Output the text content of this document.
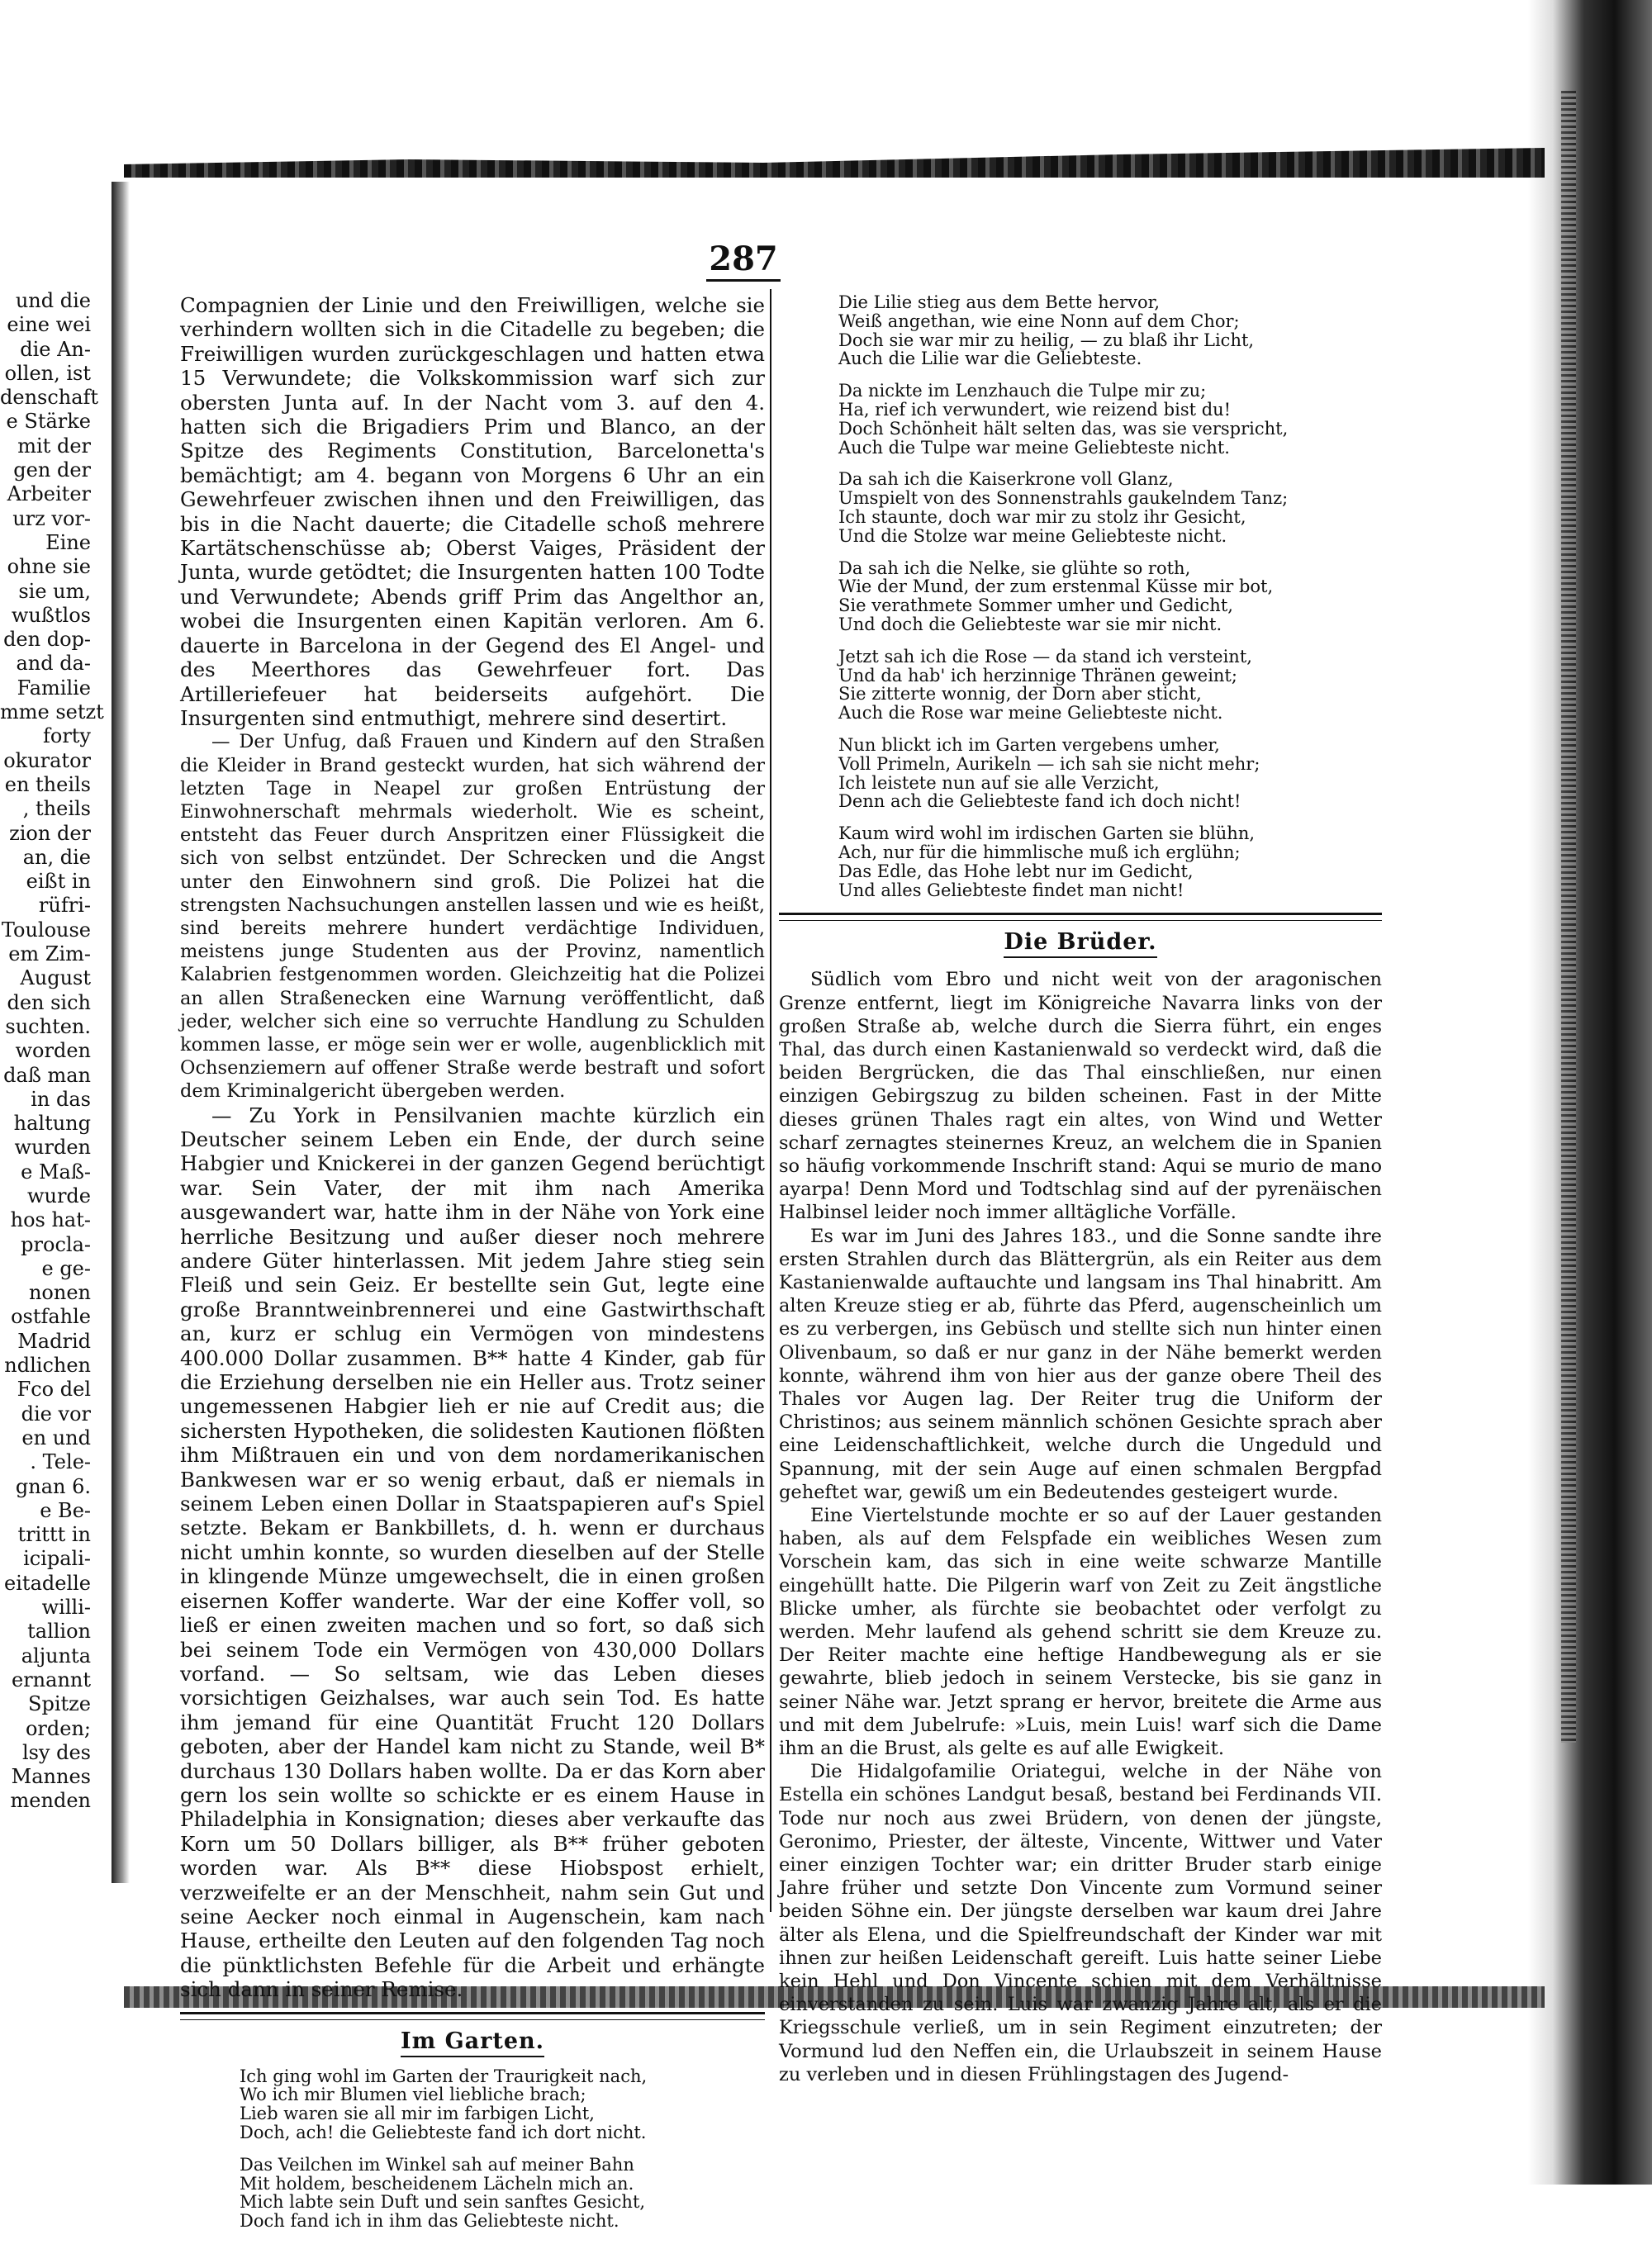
und die
eine wei
die An-
ollen, ist
denschaft
e Stärke
mit der
gen der
Arbeiter
urz vor-
Eine
ohne sie
sie um,
wußtlos
den dop-
and da-
Familie
mme setzt
forty
okurator
en theils
, theils
zion der
an, die
eißt in
rüfri-
Toulouse
em Zim-
August
den sich
suchten.
worden
daß man
in das
haltung
wurden
e Maß-
wurde
hos hat-
procla-
e ge-
nonen
ostfahle
Madrid
ndlichen
Fco del
die vor
en und
. Tele-
gnan 6.
e Be-
trittt in
icipali-
eitadelle
willi-
tallion
aljunta
ernannt
Spitze
orden;
lsy des
Mannes
menden
287

Compagnien der Linie und den Freiwilligen, welche sie verhindern wollten sich in die Citadelle zu begeben; die Freiwilligen wurden zurückgeschlagen und hatten etwa 15 Verwundete; die Volkskommission warf sich zur obersten Junta auf. In der Nacht vom 3. auf den 4. hatten sich die Brigadiers Prim und Blanco, an der Spitze des Regiments Constitution, Barcelonetta's bemächtigt; am 4. begann von Morgens 6 Uhr an ein Gewehrfeuer zwischen ihnen und den Freiwilligen, das bis in die Nacht dauerte; die Citadelle schoß mehrere Kartätschenschüsse ab; Oberst Vaiges, Präsident der Junta, wurde getödtet; die Insurgenten hatten 100 Todte und Verwundete; Abends griff Prim das Angelthor an, wobei die Insurgenten einen Kapitän verloren. Am 6. dauerte in Barcelona in der Gegend des El Angel- und des Meerthores das Gewehrfeuer fort. Das Artilleriefeuer hat beiderseits aufgehört. Die Insurgenten sind entmuthigt, mehrere sind desertirt.

— Der Unfug, daß Frauen und Kindern auf den Straßen die Kleider in Brand gesteckt wurden, hat sich während der letzten Tage in Neapel zur großen Entrüstung der Einwohnerschaft mehrmals wiederholt. Wie es scheint, entsteht das Feuer durch Anspritzen einer Flüssigkeit die sich von selbst entzündet. Der Schrecken und die Angst unter den Einwohnern sind groß. Die Polizei hat die strengsten Nachsuchungen anstellen lassen und wie es heißt, sind bereits mehrere hundert verdächtige Individuen, meistens junge Studenten aus der Provinz, namentlich Kalabrien festgenommen worden. Gleichzeitig hat die Polizei an allen Straßenecken eine Warnung veröffentlicht, daß jeder, welcher sich eine so verruchte Handlung zu Schulden kommen lasse, er möge sein wer er wolle, augenblicklich mit Ochsenziemern auf offener Straße werde bestraft und sofort dem Kriminalgericht übergeben werden.

— Zu York in Pensilvanien machte kürzlich ein Deutscher seinem Leben ein Ende, der durch seine Habgier und Knickerei in der ganzen Gegend berüchtigt war. Sein Vater, der mit ihm nach Amerika ausgewandert war, hatte ihm in der Nähe von York eine herrliche Besitzung und außer dieser noch mehrere andere Güter hinterlassen. Mit jedem Jahre stieg sein Fleiß und sein Geiz. Er bestellte sein Gut, legte eine große Branntweinbrennerei und eine Gastwirthschaft an, kurz er schlug ein Vermögen von mindestens 400.000 Dollar zusammen. B** hatte 4 Kinder, gab für die Erziehung derselben nie ein Heller aus. Trotz seiner ungemessenen Habgier lieh er nie auf Credit aus; die sichersten Hypotheken, die solidesten Kautionen flößten ihm Mißtrauen ein und von dem nordamerikanischen Bankwesen war er so wenig erbaut, daß er niemals in seinem Leben einen Dollar in Staatspapieren auf's Spiel setzte. Bekam er Bankbillets, d. h. wenn er durchaus nicht umhin konnte, so wurden dieselben auf der Stelle in klingende Münze umgewechselt, die in einen großen eisernen Koffer wanderte. War der eine Koffer voll, so ließ er einen zweiten machen und so fort, so daß sich bei seinem Tode ein Vermögen von 430,000 Dollars vorfand. — So seltsam, wie das Leben dieses vorsichtigen Geizhalses, war auch sein Tod. Es hatte ihm jemand für eine Quantität Frucht 120 Dollars geboten, aber der Handel kam nicht zu Stande, weil B* durchaus 130 Dollars haben wollte. Da er das Korn aber gern los sein wollte so schickte er es einem Hause in Philadelphia in Konsignation; dieses aber verkaufte das Korn um 50 Dollars billiger, als B** früher geboten worden war. Als B** diese Hiobspost erhielt, verzweifelte er an der Menschheit, nahm sein Gut und seine Aecker noch einmal in Augenschein, kam nach Hause, ertheilte den Leuten auf den folgenden Tag noch die pünktlichsten Befehle für die Arbeit und erhängte sich dann in seiner Remise.

Im Garten.
Ich ging wohl im Garten der Traurigkeit nach,
Wo ich mir Blumen viel liebliche brach;
Lieb waren sie all mir im farbigen Licht,
Doch, ach! die Geliebteste fand ich dort nicht.
Das Veilchen im Winkel sah auf meiner Bahn
Mit holdem, bescheidenem Lächeln mich an.
Mich labte sein Duft und sein sanftes Gesicht,
Doch fand ich in ihm das Geliebteste nicht.
Die Lilie stieg aus dem Bette hervor,
Weiß angethan, wie eine Nonn auf dem Chor;
Doch sie war mir zu heilig, — zu blaß ihr Licht,
Auch die Lilie war die Geliebteste.
Da nickte im Lenzhauch die Tulpe mir zu;
Ha, rief ich verwundert, wie reizend bist du!
Doch Schönheit hält selten das, was sie verspricht,
Auch die Tulpe war meine Geliebteste nicht.
Da sah ich die Kaiserkrone voll Glanz,
Umspielt von des Sonnenstrahls gaukelndem Tanz;
Ich staunte, doch war mir zu stolz ihr Gesicht,
Und die Stolze war meine Geliebteste nicht.
Da sah ich die Nelke, sie glühte so roth,
Wie der Mund, der zum erstenmal Küsse mir bot,
Sie verathmete Sommer umher und Gedicht,
Und doch die Geliebteste war sie mir nicht.
Jetzt sah ich die Rose — da stand ich versteint,
Und da hab' ich herzinnige Thränen geweint;
Sie zitterte wonnig, der Dorn aber sticht,
Auch die Rose war meine Geliebteste nicht.
Nun blickt ich im Garten vergebens umher,
Voll Primeln, Aurikeln — ich sah sie nicht mehr;
Ich leistete nun auf sie alle Verzicht,
Denn ach die Geliebteste fand ich doch nicht!
Kaum wird wohl im irdischen Garten sie blühn,
Ach, nur für die himmlische muß ich erglühn;
Das Edle, das Hohe lebt nur im Gedicht,
Und alles Geliebteste findet man nicht!
Die Brüder.

Südlich vom Ebro und nicht weit von der aragonischen Grenze entfernt, liegt im Königreiche Navarra links von der großen Straße ab, welche durch die Sierra führt, ein enges Thal, das durch einen Kastanienwald so verdeckt wird, daß die beiden Bergrücken, die das Thal einschließen, nur einen einzigen Gebirgszug zu bilden scheinen. Fast in der Mitte dieses grünen Thales ragt ein altes, von Wind und Wetter scharf zernagtes steinernes Kreuz, an welchem die in Spanien so häufig vorkommende Inschrift stand: Aqui se murio de mano ayarpa! Denn Mord und Todtschlag sind auf der pyrenäischen Halbinsel leider noch immer alltägliche Vorfälle.

Es war im Juni des Jahres 183., und die Sonne sandte ihre ersten Strahlen durch das Blättergrün, als ein Reiter aus dem Kastanienwalde auftauchte und langsam ins Thal hinabritt. Am alten Kreuze stieg er ab, führte das Pferd, augenscheinlich um es zu verbergen, ins Gebüsch und stellte sich nun hinter einen Olivenbaum, so daß er nur ganz in der Nähe bemerkt werden konnte, während ihm von hier aus der ganze obere Theil des Thales vor Augen lag. Der Reiter trug die Uniform der Christinos; aus seinem männlich schönen Gesichte sprach aber eine Leidenschaftlichkeit, welche durch die Ungeduld und Spannung, mit der sein Auge auf einen schmalen Bergpfad geheftet war, gewiß um ein Bedeutendes gesteigert wurde.

Eine Viertelstunde mochte er so auf der Lauer gestanden haben, als auf dem Felspfade ein weibliches Wesen zum Vorschein kam, das sich in eine weite schwarze Mantille eingehüllt hatte. Die Pilgerin warf von Zeit zu Zeit ängstliche Blicke umher, als fürchte sie beobachtet oder verfolgt zu werden. Mehr laufend als gehend schritt sie dem Kreuze zu. Der Reiter machte eine heftige Handbewegung als er sie gewahrte, blieb jedoch in seinem Verstecke, bis sie ganz in seiner Nähe war. Jetzt sprang er hervor, breitete die Arme aus und mit dem Jubelrufe: »Luis, mein Luis! warf sich die Dame ihm an die Brust, als gelte es auf alle Ewigkeit.

Die Hidalgofamilie Oriategui, welche in der Nähe von Estella ein schönes Landgut besaß, bestand bei Ferdinands VII. Tode nur noch aus zwei Brüdern, von denen der jüngste, Geronimo, Priester, der älteste, Vincente, Wittwer und Vater einer einzigen Tochter war; ein dritter Bruder starb einige Jahre früher und setzte Don Vincente zum Vormund seiner beiden Söhne ein. Der jüngste derselben war kaum drei Jahre älter als Elena, und die Spielfreundschaft der Kinder war mit ihnen zur heißen Leidenschaft gereift. Luis hatte seiner Liebe kein Hehl und Don Vincente schien mit dem Verhältnisse einverstanden zu sein. Luis war zwanzig Jahre alt, als er die Kriegsschule verließ, um in sein Regiment einzutreten; der Vormund lud den Neffen ein, die Urlaubszeit in seinem Hause zu verleben und in diesen Frühlingstagen des Jugend-
